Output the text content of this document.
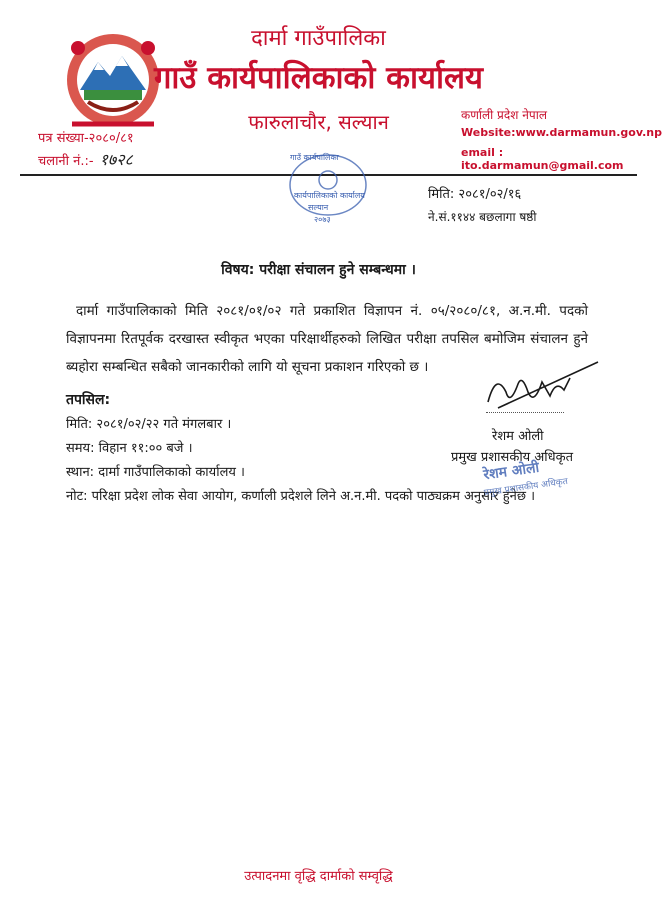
दार्मा गाउँपालिका
गाउँ कार्यपालिकाको कार्यालय
फारुलाचौर, सल्यान	कर्णाली प्रदेश नेपाल
Website:www.darmamun.gov.np
email : ito.darmamun@gmail.com
पत्र संख्या-२०८०/८१
चलानी नं.:- १७२८	गाउँ कार्यपालिका
कार्यपालिकाको कार्यालय
सल्यान
२०७३
मिति: २०८१/०२/१६
ने.सं.११४४ बछलागा षष्ठी
विषय: परीक्षा संचालन हुने सम्बन्धमा ।
दार्मा गाउँपालिकाको मिति २०८१/०१/०२ गते प्रकाशित विज्ञापन नं. ०५/२०८०/८१, अ.न.मी. पदको विज्ञापनमा रितपूर्वक दरखास्त स्वीकृत भएका परिक्षार्थीहरुको लिखित परीक्षा तपसिल बमोजिम संचालन हुने ब्यहोरा सम्बन्धित सबैको जानकारीको लागि यो सूचना प्रकाशन गरिएको छ ।
तपसिल:
मिति: २०८१/०२/२२ गते मंगलबार ।
समय: विहान ११:०० बजे ।
स्थान: दार्मा गाउँपालिकाको कार्यालय ।
नोट: परिक्षा प्रदेश लोक सेवा आयोग, कर्णाली प्रदेशले लिने अ.न.मी. पदको पाठ्यक्रम अनुसार हुनेछ ।
रेशम ओली
प्रमुख प्रशासकीय अधिकृत
रेशम ओली
प्रमुख प्रशासकीय अधिकृत
उत्पादनमा वृद्धि दार्माको सम्वृद्धि
